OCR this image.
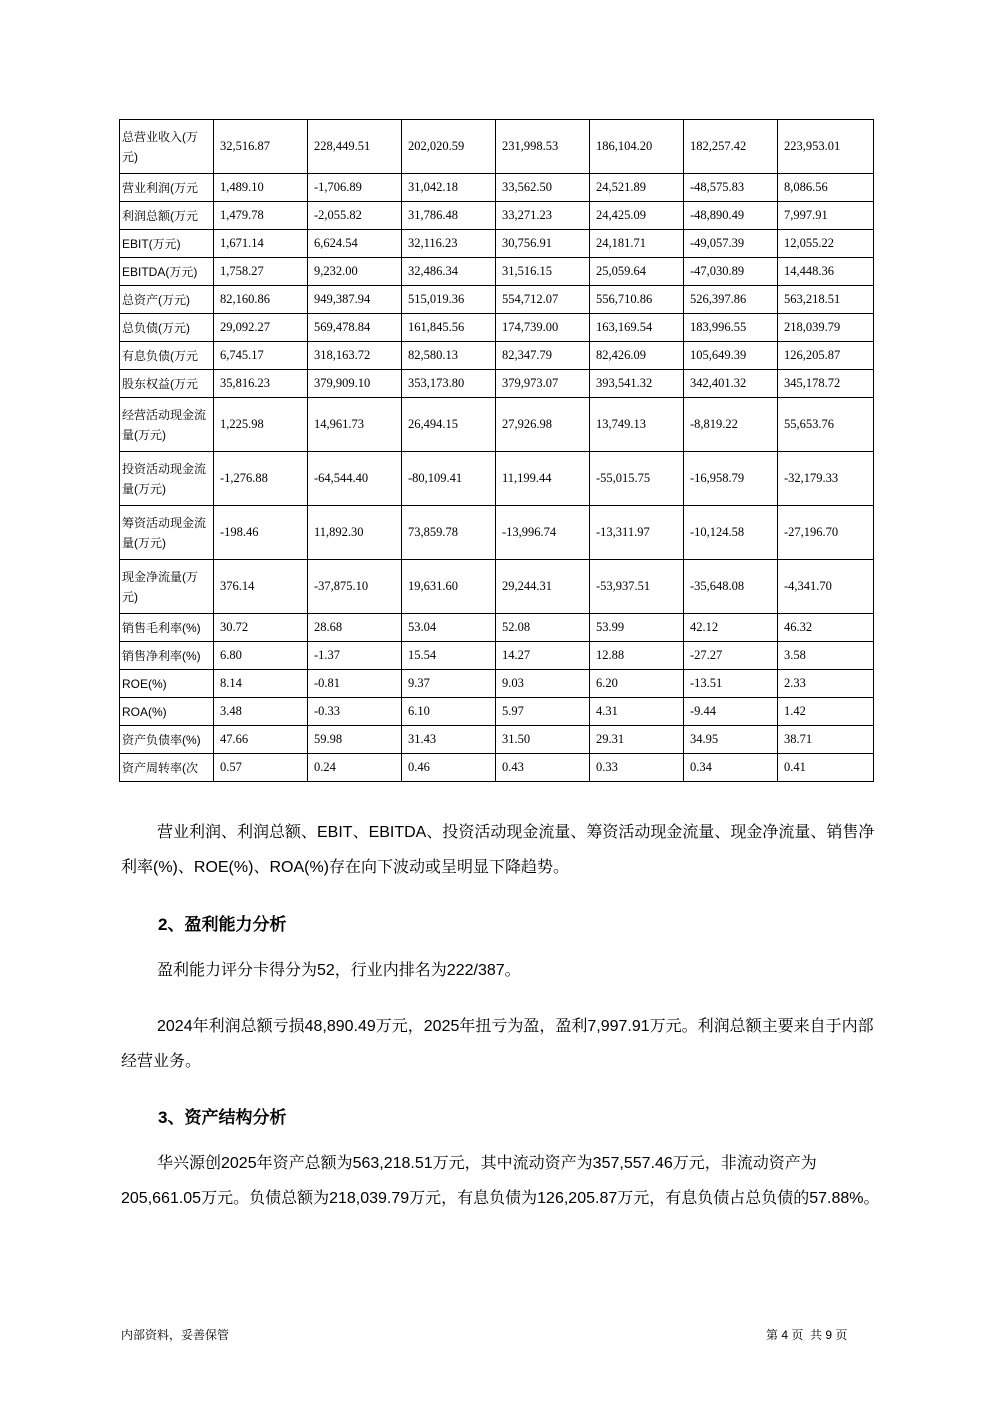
总营业收入(万元)	32,516.87	228,449.51	202,020.59	231,998.53	186,104.20	182,257.42	223,953.01
营业利润(万元	1,489.10	-1,706.89	31,042.18	33,562.50	24,521.89	-48,575.83	8,086.56
利润总额(万元	1,479.78	-2,055.82	31,786.48	33,271.23	24,425.09	-48,890.49	7,997.91
EBIT(万元)	1,671.14	6,624.54	32,116.23	30,756.91	24,181.71	-49,057.39	12,055.22
EBITDA(万元)	1,758.27	9,232.00	32,486.34	31,516.15	25,059.64	-47,030.89	14,448.36
总资产(万元)	82,160.86	949,387.94	515,019.36	554,712.07	556,710.86	526,397.86	563,218.51
总负债(万元)	29,092.27	569,478.84	161,845.56	174,739.00	163,169.54	183,996.55	218,039.79
有息负债(万元	6,745.17	318,163.72	82,580.13	82,347.79	82,426.09	105,649.39	126,205.87
股东权益(万元	35,816.23	379,909.10	353,173.80	379,973.07	393,541.32	342,401.32	345,178.72
经营活动现金流量(万元)	1,225.98	14,961.73	26,494.15	27,926.98	13,749.13	-8,819.22	55,653.76
投资活动现金流量(万元)	-1,276.88	-64,544.40	-80,109.41	11,199.44	-55,015.75	-16,958.79	-32,179.33
筹资活动现金流量(万元)	-198.46	11,892.30	73,859.78	-13,996.74	-13,311.97	-10,124.58	-27,196.70
现金净流量(万元)	376.14	-37,875.10	19,631.60	29,244.31	-53,937.51	-35,648.08	-4,341.70
销售毛利率(%)	30.72	28.68	53.04	52.08	53.99	42.12	46.32
销售净利率(%)	6.80	-1.37	15.54	14.27	12.88	-27.27	3.58
ROE(%)	8.14	-0.81	9.37	9.03	6.20	-13.51	2.33
ROA(%)	3.48	-0.33	6.10	5.97	4.31	-9.44	1.42
资产负债率(%)	47.66	59.98	31.43	31.50	29.31	34.95	38.71
资产周转率(次	0.57	0.24	0.46	0.43	0.33	0.34	0.41
营业利润、利润总额、EBIT、EBITDA、投资活动现金流量、筹资活动现金流量、现金净流量、销售净利率(%)、ROE(%)、ROA(%)存在向下波动或呈明显下降趋势。
2、盈利能力分析
盈利能力评分卡得分为52，行业内排名为222/387。
2024年利润总额亏损48,890.49万元，2025年扭亏为盈，盈利7,997.91万元。利润总额主要来自于内部经营业务。
3、资产结构分析
华兴源创2025年资产总额为563,218.51万元，其中流动资产为357,557.46万元，非流动资产为205,661.05万元。负债总额为218,039.79万元，有息负债为126,205.87万元，有息负债占总负债的57.88%。
内部资料，妥善保管	第 4 页  共 9 页
